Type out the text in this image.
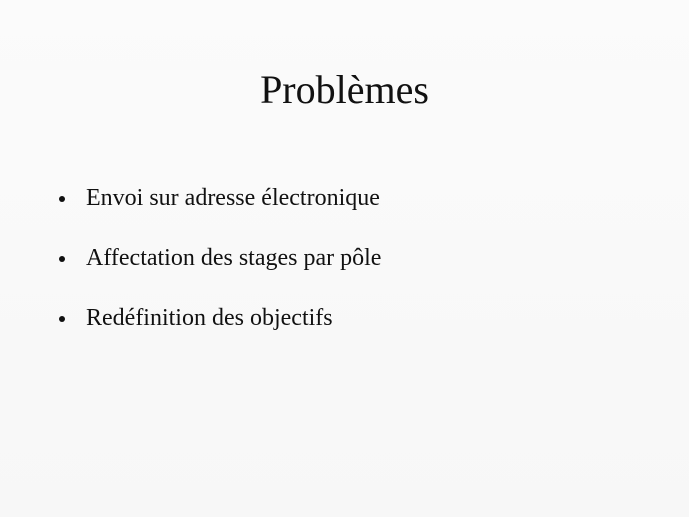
Problèmes
Envoi sur adresse électronique
Affectation des stages par pôle
Redéfinition des objectifs
